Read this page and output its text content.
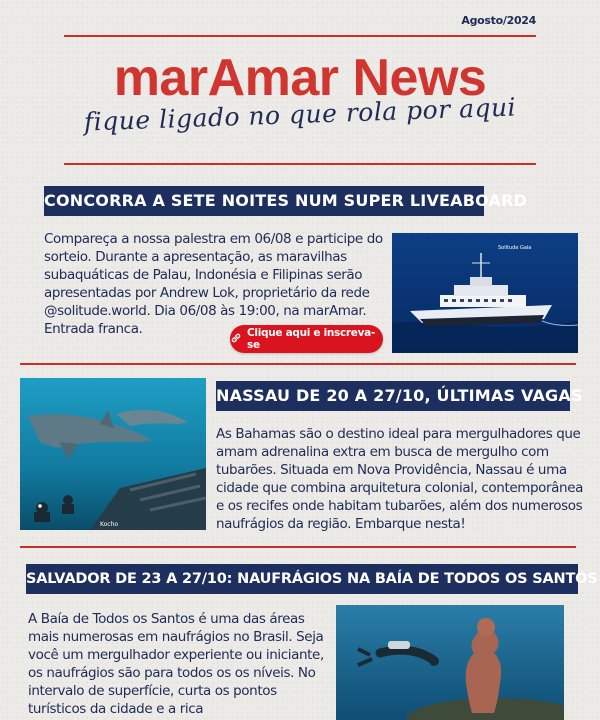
Agosto/2024
marAmar News
fique ligado no que rola por aqui
CONCORRA A SETE NOITES NUM SUPER LIVEABOARD
Compareça a nossa palestra em 06/08 e participe do sorteio. Durante a apresentação, as maravilhas subaquáticas de Palau, Indonésia e Filipinas serão apresentadas por Andrew Lok, proprietário da rede @solitude.world. Dia 06/08 às 19:00, na marAmar. Entrada franca.	Clique aqui e inscreva-se
Solitude Gaia
Kocho
NASSAU DE 20 A 27/10, ÚLTIMAS VAGAS
As Bahamas são o destino ideal para mergulhadores que amam adrenalina extra em busca de mergulho com tubarões. Situada em Nova Providência, Nassau é uma cidade que combina arquitetura colonial, contemporânea e os recifes onde habitam tubarões, além dos numerosos naufrágios da região. Embarque nesta!
SALVADOR DE 23 A 27/10: NAUFRÁGIOS NA BAÍA DE TODOS OS SANTOS
A Baía de Todos os Santos é uma das áreas mais numerosas em naufrágios no Brasil. Seja você um mergulhador experiente ou iniciante, os naufrágios são para todos os os níveis. No intervalo de superfície, curta os pontos turísticos da cidade e a rica
